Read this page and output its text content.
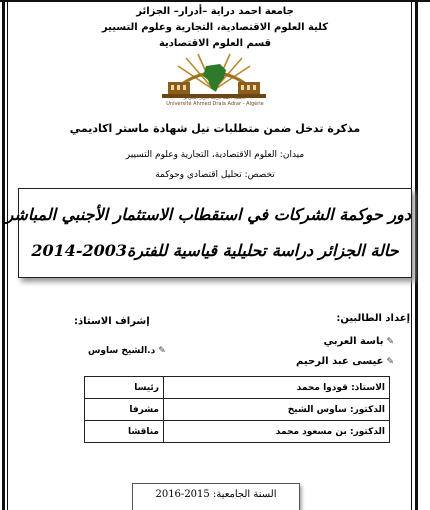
جامعة احمد دراية –أدرار– الجزائر
كلية العلوم الاقتصادية، التجارية وعلوم التسيير
قسم العلوم الاقتصادية
جامعة أحمد دراية أدرار الجزائر
Université Ahmed Draia Adrar - Algérie
مذكرة تدخل ضمن متطلبات نيل شهادة ماستر اكاديمي
ميدان: العلوم الاقتصادية، التجارية وعلوم التسيير
تخصص: تحليل اقتصادي وحوكمة
دور حوكمة الشركات في استقطاب الاستثمار الأجنبي المباشر
حالة الجزائر دراسة تحليلية قياسية للفترة2003-2014
إعداد الطالبين:
إشراف الاستاذ:
✎باسة العربي
✎عيسى عبد الرحيم
✎د.الشيخ ساوس
الاستاذ: قودوا محمد	رئيسا
الدكتور: ساوس الشيخ	مشرفا
الدكتور: بن مسعود محمد	مناقشا
السنة الجامعية: 2015-2016
